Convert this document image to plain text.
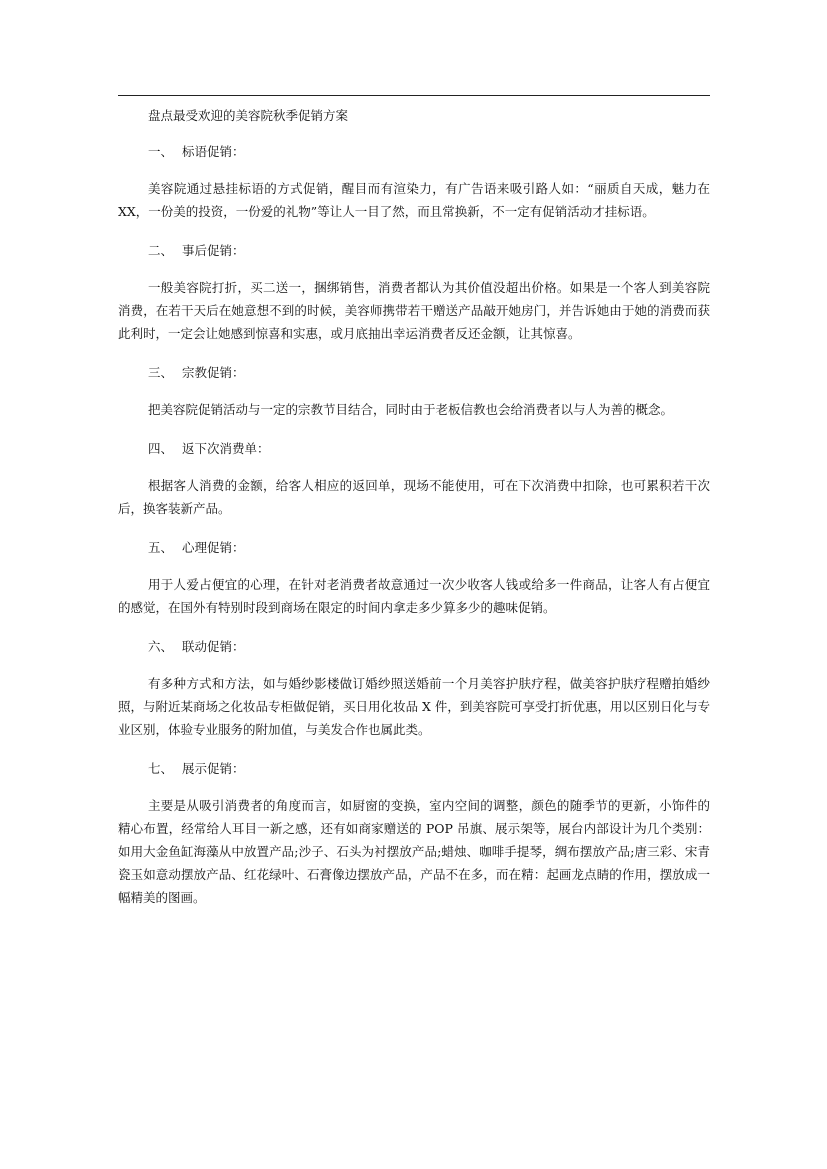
盘点最受欢迎的美容院秋季促销方案
一、 标语促销：

美容院通过悬挂标语的方式促销，醒目而有渲染力，有广告语来吸引路人如：“丽质自天成，魅力在XX，一份美的投资，一份爱的礼物”等让人一目了然，而且常换新，不一定有促销活动才挂标语。

二、 事后促销：

一般美容院打折，买二送一，捆绑销售，消费者都认为其价值没超出价格。如果是一个客人到美容院消费，在若干天后在她意想不到的时候，美容师携带若干赠送产品敲开她房门，并告诉她由于她的消费而获此利时，一定会让她感到惊喜和实惠，或月底抽出幸运消费者反还金额，让其惊喜。

三、 宗教促销：

把美容院促销活动与一定的宗教节目结合，同时由于老板信教也会给消费者以与人为善的概念。

四、 返下次消费单：

根据客人消费的金额，给客人相应的返回单，现场不能使用，可在下次消费中扣除，也可累积若干次后，换客装新产品。

五、 心理促销：

用于人爱占便宜的心理，在针对老消费者故意通过一次少收客人钱或给多一件商品，让客人有占便宜的感觉，在国外有特别时段到商场在限定的时间内拿走多少算多少的趣味促销。

六、 联动促销：

有多种方式和方法，如与婚纱影楼做订婚纱照送婚前一个月美容护肤疗程，做美容护肤疗程赠拍婚纱照，与附近某商场之化妆品专柜做促销，买日用化妆品 X 件，到美容院可享受打折优惠，用以区别日化与专业区别，体验专业服务的附加值，与美发合作也属此类。

七、 展示促销：

主要是从吸引消费者的角度而言，如厨窗的变换，室内空间的调整，颜色的随季节的更新，小饰件的精心布置，经常给人耳目一新之感，还有如商家赠送的 POP 吊旗、展示架等，展台内部设计为几个类别：如用大金鱼缸海藻从中放置产品;沙子、石头为衬摆放产品;蜡烛、咖啡手提琴，绸布摆放产品;唐三彩、宋青瓷玉如意动摆放产品、红花绿叶、石膏像边摆放产品，产品不在多，而在精：起画龙点睛的作用，摆放成一幅精美的图画。
